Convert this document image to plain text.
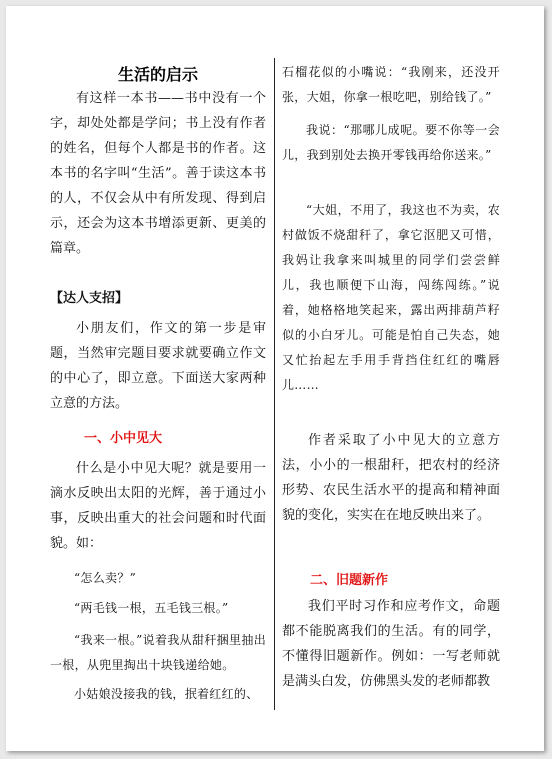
生活的启示

有这样一本书——书中没有一个字，却处处都是学问；书上没有作者的姓名，但每个人都是书的作者。这本书的名字叫“生活”。善于读这本书的人，不仅会从中有所发现、得到启示，还会为这本书增添更新、更美的篇章。

【达人支招】

小朋友们，作文的第一步是审题，当然审完题目要求就要确立作文的中心了，即立意。下面送大家两种立意的方法。

一、小中见大

什么是小中见大呢？就是要用一滴水反映出太阳的光辉，善于通过小事，反映出重大的社会问题和时代面貌。如：

“怎么卖？”

“两毛钱一根，五毛钱三根。”

“我来一根。”说着我从甜秆捆里抽出一根，从兜里掏出十块钱递给她。

小姑娘没接我的钱，抿着红红的、

石榴花似的小嘴说：“我刚来，还没开张，大姐，你拿一根吃吧，别给钱了。”

我说：“那哪儿成呢。要不你等一会儿，我到别处去换开零钱再给你送来。”

“大姐，不用了，我这也不为卖，农村做饭不烧甜秆了，拿它沤肥又可惜，我妈让我拿来叫城里的同学们尝尝鲜儿，我也顺便下山海，闯练闯练。”说着，她格格地笑起来，露出两排葫芦籽似的小白牙儿。可能是怕自己失态，她又忙抬起左手用手背挡住红红的嘴唇儿……

作者采取了小中见大的立意方法，小小的一根甜秆，把农村的经济形势、农民生活水平的提高和精神面貌的变化，实实在在地反映出来了。

二、旧题新作

我们平时习作和应考作文，命题都不能脱离我们的生活。有的同学，不懂得旧题新作。例如：一写老师就是满头白发，仿佛黑头发的老师都教
